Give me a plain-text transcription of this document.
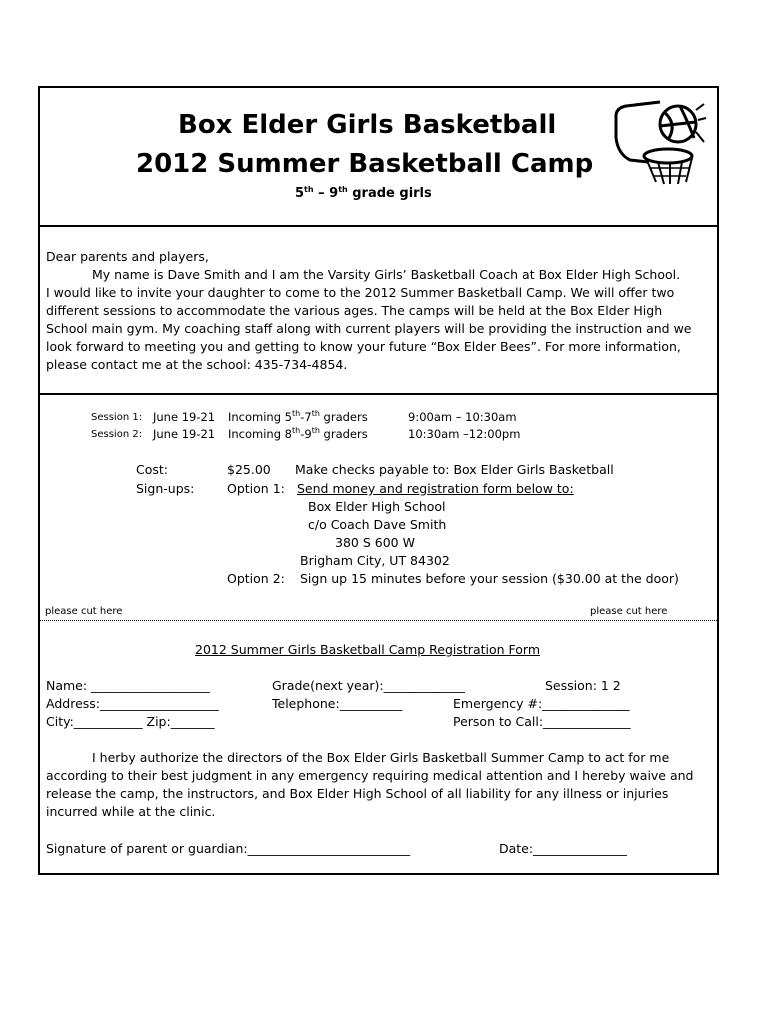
Box Elder Girls Basketball
2012 Summer Basketball Camp
5th – 9th grade girls
Dear parents and players,
My name is Dave Smith and I am the Varsity Girls’ Basketball Coach at Box Elder High School.
I would like to invite your daughter to come to the 2012 Summer Basketball Camp. We will offer two
different sessions to accommodate the various ages. The camps will be held at the Box Elder High
School main gym. My coaching staff along with current players will be providing the instruction and we
look forward to meeting you and getting to know your future “Box Elder Bees”. For more information,
please contact me at the school: 435-734-4854.
Session 1: June 19-21 Incoming 5th-7th graders	9:00am – 10:30am
Session 2: June 19-21 Incoming 8th-9th graders	10:30am –12:00pm
Cost:	$25.00 Make checks payable to: Box Elder Girls Basketball
Sign-ups:	Option 1: Send money and registration form below to:
Box Elder High School
c/o Coach Dave Smith
380 S 600 W
Brigham City, UT 84302
Option 2: Sign up 15 minutes before your session ($30.00 at the door)
please cut here	please cut here
2012 Summer Girls Basketball Camp Registration Form
Name: ___________________	Grade(next year):_____________	Session: 1 2
Address:___________________	Telephone:__________	Emergency #:______________
City:___________ Zip:_______	Person to Call:______________
I herby authorize the directors of the Box Elder Girls Basketball Summer Camp to act for me
according to their best judgment in any emergency requiring medical attention and I hereby waive and
release the camp, the instructors, and Box Elder High School of all liability for any illness or injuries
incurred while at the clinic.
Signature of parent or guardian:__________________________	Date:_______________
